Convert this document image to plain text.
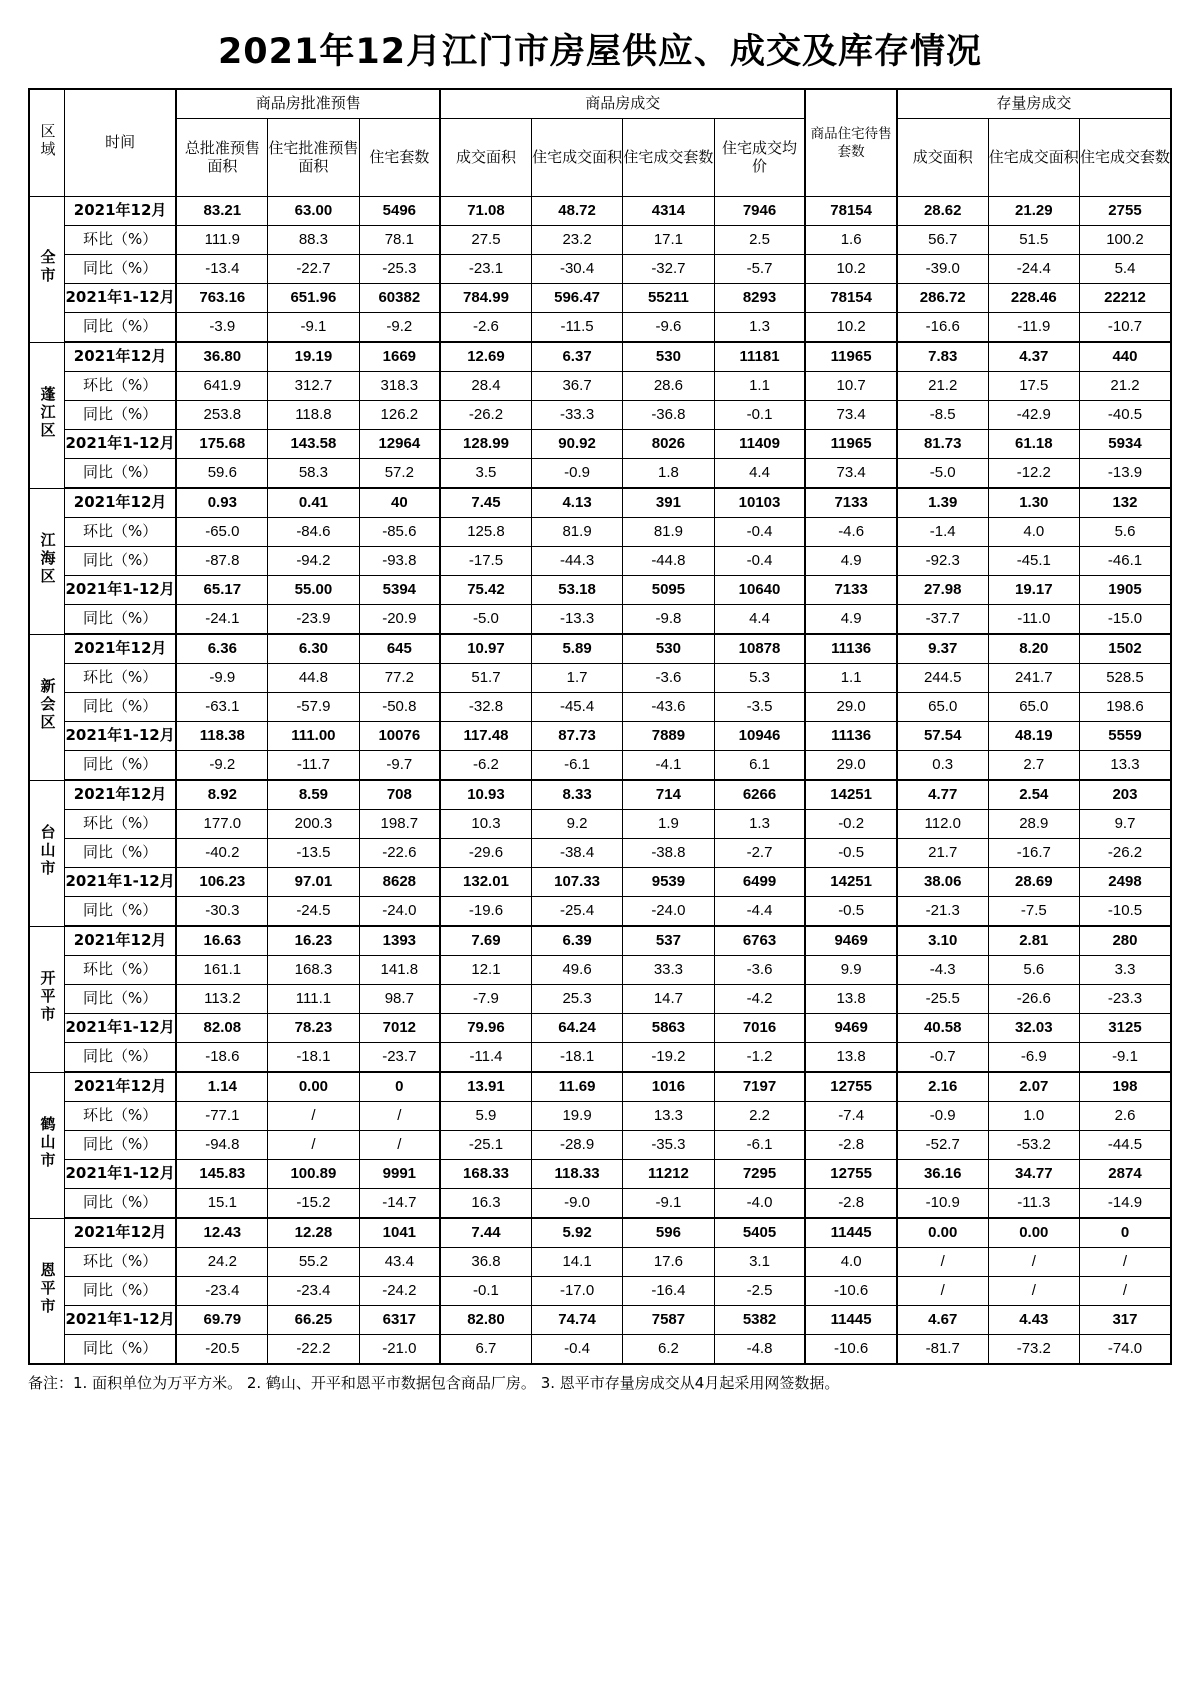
2021年12月江门市房屋供应、成交及库存情况
区域	时间	商品房批准预售			商品房成交				商品住宅待售套数	存量房成交		
		总批准预售面积	住宅批准预售面积	住宅套数	成交面积	住宅成交面积	住宅成交套数	住宅成交均价		成交面积	住宅成交面积	住宅成交套数
全市	2021年12月	83.21	63.00	5496	71.08	48.72	4314	7946	78154	28.62	21.29	2755
	环比（%）	111.9	88.3	78.1	27.5	23.2	17.1	2.5	1.6	56.7	51.5	100.2
	同比（%）	-13.4	-22.7	-25.3	-23.1	-30.4	-32.7	-5.7	10.2	-39.0	-24.4	5.4
	2021年1-12月	763.16	651.96	60382	784.99	596.47	55211	8293	78154	286.72	228.46	22212
	同比（%）	-3.9	-9.1	-9.2	-2.6	-11.5	-9.6	1.3	10.2	-16.6	-11.9	-10.7
蓬江区	2021年12月	36.80	19.19	1669	12.69	6.37	530	11181	11965	7.83	4.37	440
	环比（%）	641.9	312.7	318.3	28.4	36.7	28.6	1.1	10.7	21.2	17.5	21.2
	同比（%）	253.8	118.8	126.2	-26.2	-33.3	-36.8	-0.1	73.4	-8.5	-42.9	-40.5
	2021年1-12月	175.68	143.58	12964	128.99	90.92	8026	11409	11965	81.73	61.18	5934
	同比（%）	59.6	58.3	57.2	3.5	-0.9	1.8	4.4	73.4	-5.0	-12.2	-13.9
江海区	2021年12月	0.93	0.41	40	7.45	4.13	391	10103	7133	1.39	1.30	132
	环比（%）	-65.0	-84.6	-85.6	125.8	81.9	81.9	-0.4	-4.6	-1.4	4.0	5.6
	同比（%）	-87.8	-94.2	-93.8	-17.5	-44.3	-44.8	-0.4	4.9	-92.3	-45.1	-46.1
	2021年1-12月	65.17	55.00	5394	75.42	53.18	5095	10640	7133	27.98	19.17	1905
	同比（%）	-24.1	-23.9	-20.9	-5.0	-13.3	-9.8	4.4	4.9	-37.7	-11.0	-15.0
新会区	2021年12月	6.36	6.30	645	10.97	5.89	530	10878	11136	9.37	8.20	1502
	环比（%）	-9.9	44.8	77.2	51.7	1.7	-3.6	5.3	1.1	244.5	241.7	528.5
	同比（%）	-63.1	-57.9	-50.8	-32.8	-45.4	-43.6	-3.5	29.0	65.0	65.0	198.6
	2021年1-12月	118.38	111.00	10076	117.48	87.73	7889	10946	11136	57.54	48.19	5559
	同比（%）	-9.2	-11.7	-9.7	-6.2	-6.1	-4.1	6.1	29.0	0.3	2.7	13.3
台山市	2021年12月	8.92	8.59	708	10.93	8.33	714	6266	14251	4.77	2.54	203
	环比（%）	177.0	200.3	198.7	10.3	9.2	1.9	1.3	-0.2	112.0	28.9	9.7
	同比（%）	-40.2	-13.5	-22.6	-29.6	-38.4	-38.8	-2.7	-0.5	21.7	-16.7	-26.2
	2021年1-12月	106.23	97.01	8628	132.01	107.33	9539	6499	14251	38.06	28.69	2498
	同比（%）	-30.3	-24.5	-24.0	-19.6	-25.4	-24.0	-4.4	-0.5	-21.3	-7.5	-10.5
开平市	2021年12月	16.63	16.23	1393	7.69	6.39	537	6763	9469	3.10	2.81	280
	环比（%）	161.1	168.3	141.8	12.1	49.6	33.3	-3.6	9.9	-4.3	5.6	3.3
	同比（%）	113.2	111.1	98.7	-7.9	25.3	14.7	-4.2	13.8	-25.5	-26.6	-23.3
	2021年1-12月	82.08	78.23	7012	79.96	64.24	5863	7016	9469	40.58	32.03	3125
	同比（%）	-18.6	-18.1	-23.7	-11.4	-18.1	-19.2	-1.2	13.8	-0.7	-6.9	-9.1
鹤山市	2021年12月	1.14	0.00	0	13.91	11.69	1016	7197	12755	2.16	2.07	198
	环比（%）	-77.1	/	/	5.9	19.9	13.3	2.2	-7.4	-0.9	1.0	2.6
	同比（%）	-94.8	/	/	-25.1	-28.9	-35.3	-6.1	-2.8	-52.7	-53.2	-44.5
	2021年1-12月	145.83	100.89	9991	168.33	118.33	11212	7295	12755	36.16	34.77	2874
	同比（%）	15.1	-15.2	-14.7	16.3	-9.0	-9.1	-4.0	-2.8	-10.9	-11.3	-14.9
恩平市	2021年12月	12.43	12.28	1041	7.44	5.92	596	5405	11445	0.00	0.00	0
	环比（%）	24.2	55.2	43.4	36.8	14.1	17.6	3.1	4.0	/	/	/
	同比（%）	-23.4	-23.4	-24.2	-0.1	-17.0	-16.4	-2.5	-10.6	/	/	/
	2021年1-12月	69.79	66.25	6317	82.80	74.74	7587	5382	11445	4.67	4.43	317
	同比（%）	-20.5	-22.2	-21.0	6.7	-0.4	6.2	-4.8	-10.6	-81.7	-73.2	-74.0
备注：1. 面积单位为万平方米。 2. 鹤山、开平和恩平市数据包含商品厂房。 3. 恩平市存量房成交从4月起采用网签数据。
